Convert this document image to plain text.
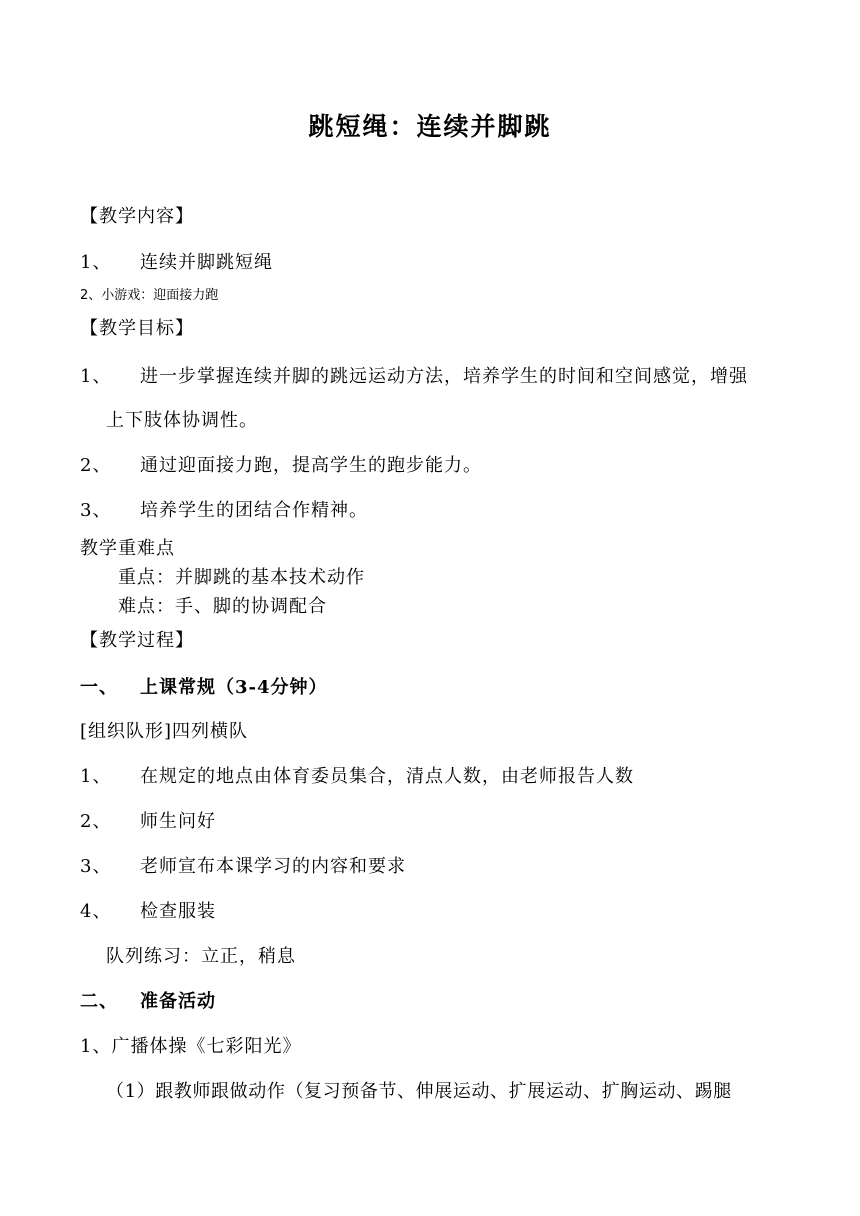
跳短绳：连续并脚跳
【教学内容】
1、 连续并脚跳短绳
2、小游戏：迎面接力跑
【教学目标】
1、 进一步掌握连续并脚的跳远运动方法，培养学生的时间和空间感觉，增强
上下肢体协调性。
2、 通过迎面接力跑，提高学生的跑步能力。
3、 培养学生的团结合作精神。
教学重难点
重点：并脚跳的基本技术动作
难点：手、脚的协调配合
【教学过程】
一、 上课常规（3-4分钟）
[组织队形]四列横队
1、 在规定的地点由体育委员集合，清点人数，由老师报告人数
2、 师生问好
3、 老师宣布本课学习的内容和要求
4、 检查服装
队列练习：立正，稍息
二、 准备活动
1、广播体操《七彩阳光》
（1）跟教师跟做动作（复习预备节、伸展运动、扩展运动、扩胸运动、踢腿
